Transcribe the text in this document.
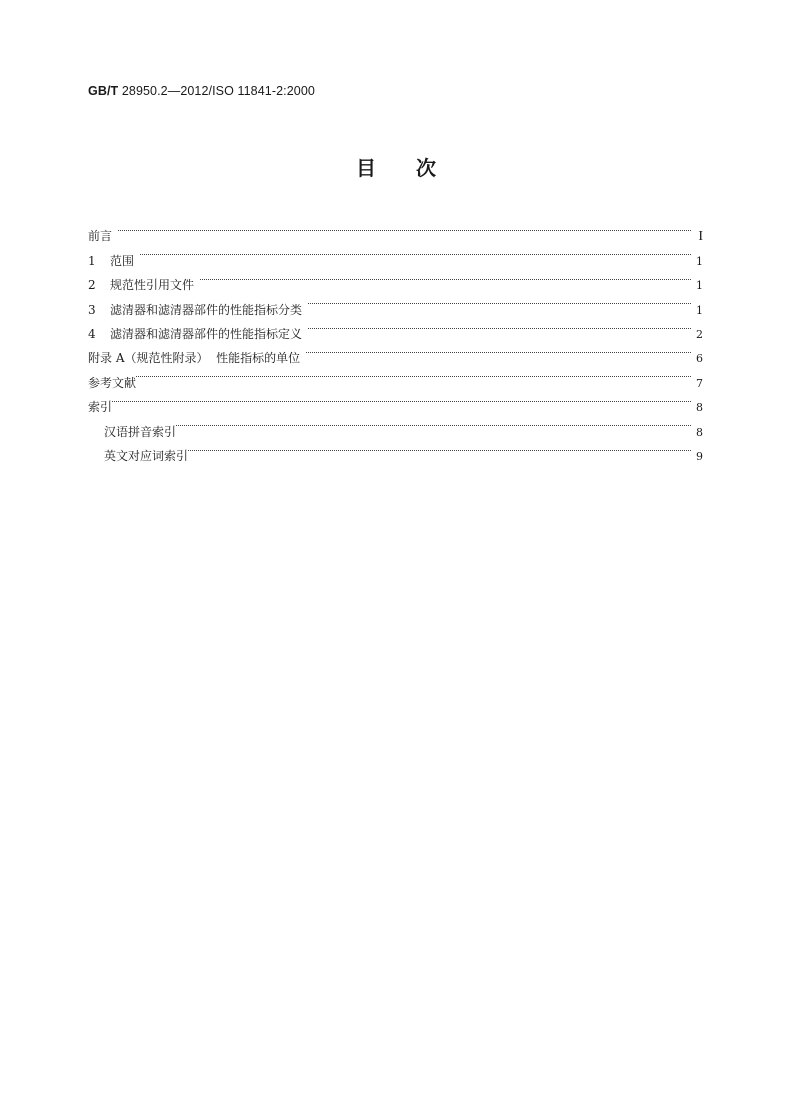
GB/T 28950.2—2012/ISO 11841-2:2000
目 次
前言	I
1	范围	1
2	规范性引用文件	1
3	滤清器和滤清器部件的性能指标分类	1
4	滤清器和滤清器部件的性能指标定义	2
附录 A（规范性附录）  性能指标的单位	6
参考文献	7
索引	8
汉语拼音索引	8
英文对应词索引	9
